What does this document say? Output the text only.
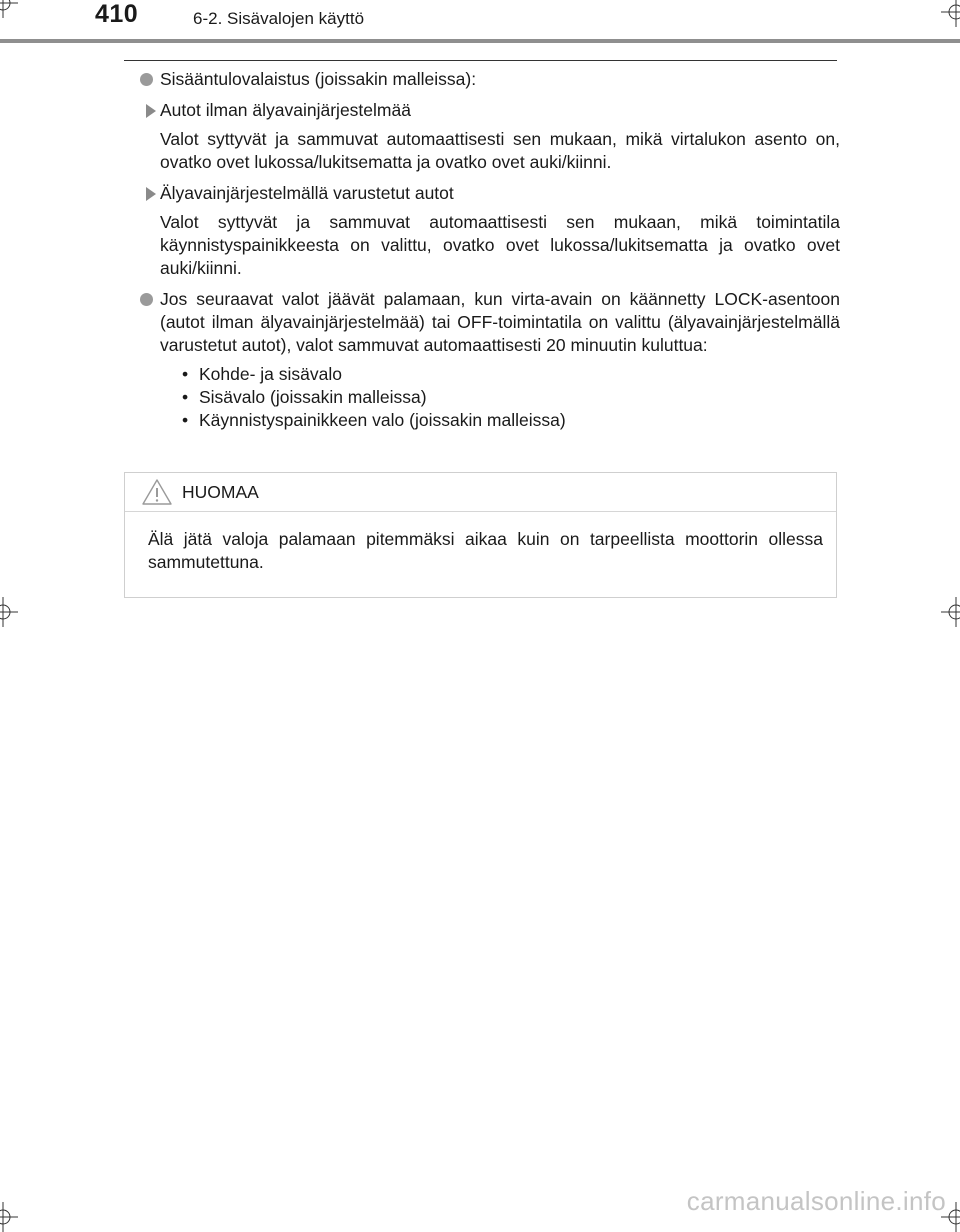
410	6-2. Sisävalojen käyttö
Sisääntulovalaistus (joissakin malleissa):
Autot ilman älyavainjärjestelmää
Valot syttyvät ja sammuvat automaattisesti sen mukaan, mikä virtalukon asento on, ovatko ovet lukossa/lukitsematta ja ovatko ovet auki/kiinni.
Älyavainjärjestelmällä varustetut autot
Valot syttyvät ja sammuvat automaattisesti sen mukaan, mikä toimintatila käynnistyspainikkeesta on valittu, ovatko ovet lukossa/lukitsematta ja ovatko ovet auki/kiinni.
Jos seuraavat valot jäävät palamaan, kun virta-avain on käännetty LOCK-asentoon (autot ilman älyavainjärjestelmää) tai OFF-toimintatila on valittu (älyavainjärjestelmällä varustetut autot), valot sammuvat automaattisesti 20 minuutin kuluttua:
• Kohde- ja sisävalo
• Sisävalo (joissakin malleissa)
• Käynnistyspainikkeen valo (joissakin malleissa)
HUOMAA
Älä jätä valoja palamaan pitemmäksi aikaa kuin on tarpeellista moottorin ollessa sammutettuna.
carmanualsonline.info
